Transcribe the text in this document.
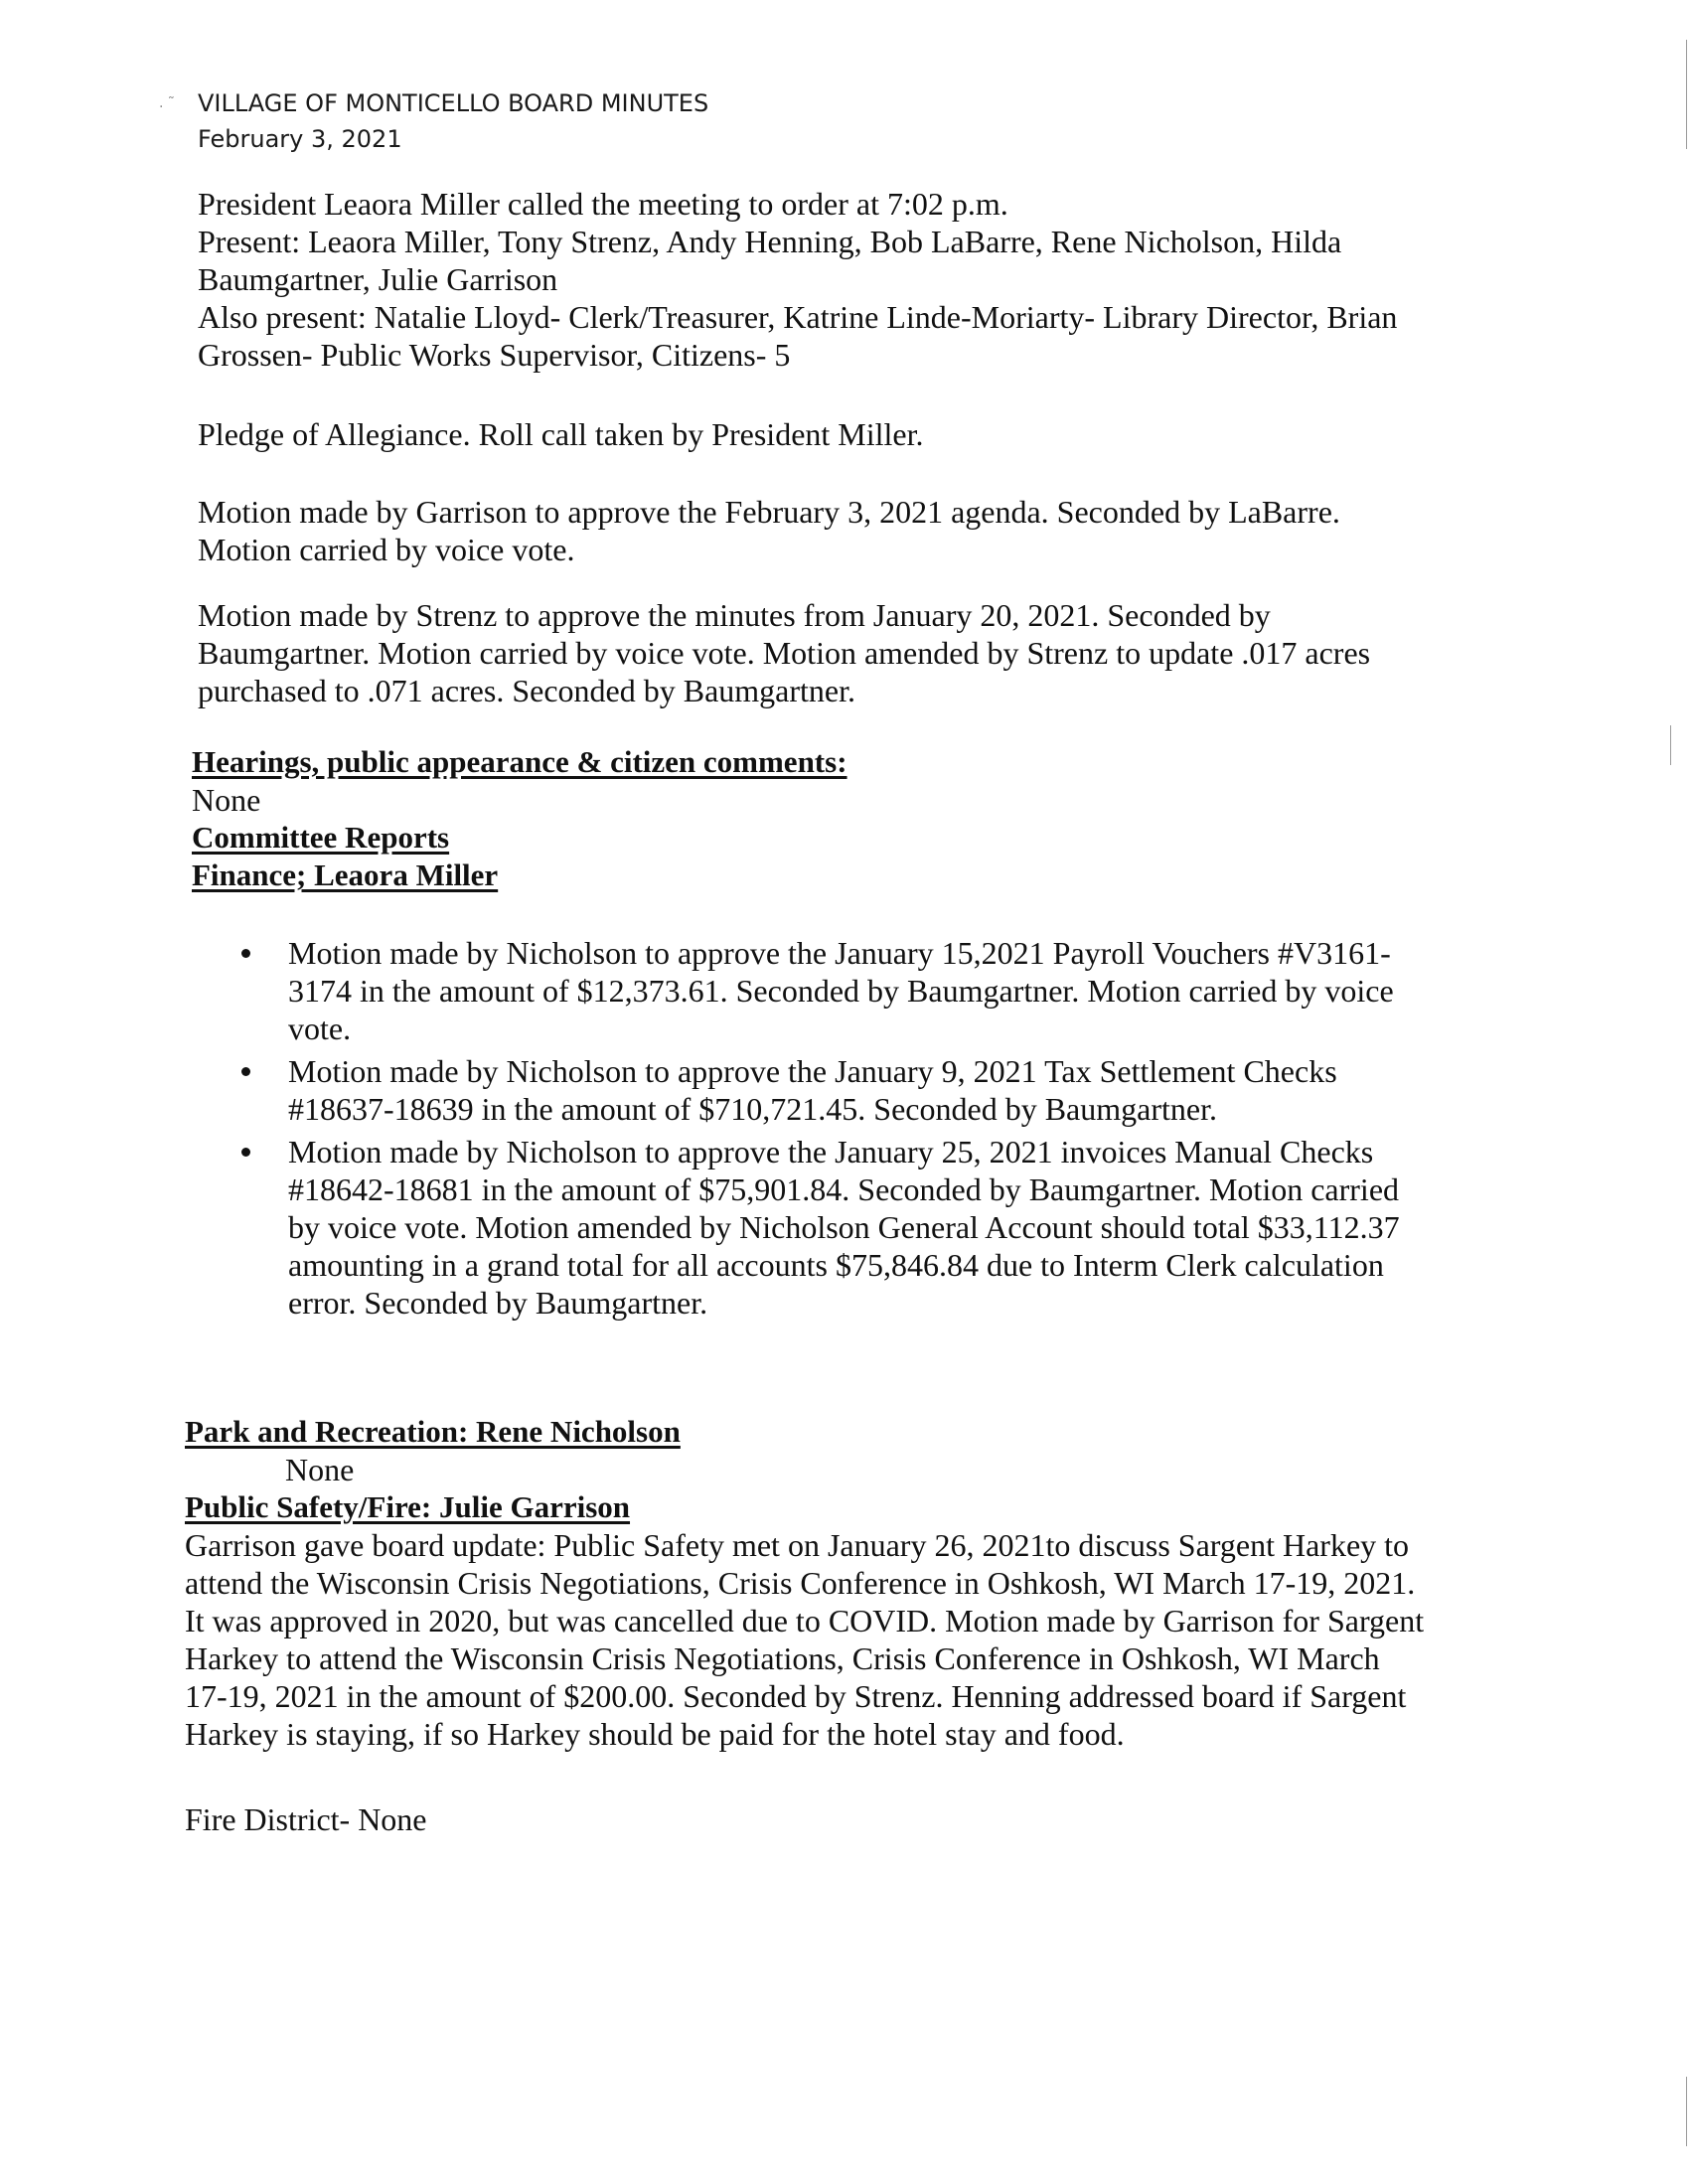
. ˜ VILLAGE OF MONTICELLO BOARD MINUTES
February 3, 2021
President Leaora Miller called the meeting to order at 7:02 p.m.
Present: Leaora Miller, Tony Strenz, Andy Henning, Bob LaBarre, Rene Nicholson, Hilda
Baumgartner, Julie Garrison
Also present: Natalie Lloyd- Clerk/Treasurer, Katrine Linde-Moriarty- Library Director, Brian
Grossen- Public Works Supervisor, Citizens- 5
Pledge of Allegiance. Roll call taken by President Miller.
Motion made by Garrison to approve the February 3, 2021 agenda. Seconded by LaBarre.
Motion carried by voice vote.
Motion made by Strenz to approve the minutes from January 20, 2021. Seconded by
Baumgartner. Motion carried by voice vote. Motion amended by Strenz to update .017 acres
purchased to .071 acres. Seconded by Baumgartner.
Hearings, public appearance & citizen comments:
None
Committee Reports
Finance; Leaora Miller
Motion made by Nicholson to approve the January 15,2021 Payroll Vouchers #V3161-
3174 in the amount of $12,373.61. Seconded by Baumgartner. Motion carried by voice
vote.
Motion made by Nicholson to approve the January 9, 2021 Tax Settlement Checks
#18637-18639 in the amount of $710,721.45. Seconded by Baumgartner.
Motion made by Nicholson to approve the January 25, 2021 invoices Manual Checks
#18642-18681 in the amount of $75,901.84. Seconded by Baumgartner. Motion carried
by voice vote. Motion amended by Nicholson General Account should total $33,112.37
amounting in a grand total for all accounts $75,846.84 due to Interm Clerk calculation
error. Seconded by Baumgartner.
Park and Recreation: Rene Nicholson
None
Public Safety/Fire: Julie Garrison
Garrison gave board update: Public Safety met on January 26, 2021to discuss Sargent Harkey to
attend the Wisconsin Crisis Negotiations, Crisis Conference in Oshkosh, WI March 17-19, 2021.
It was approved in 2020, but was cancelled due to COVID. Motion made by Garrison for Sargent
Harkey to attend the Wisconsin Crisis Negotiations, Crisis Conference in Oshkosh, WI March
17-19, 2021 in the amount of $200.00. Seconded by Strenz. Henning addressed board if Sargent
Harkey is staying, if so Harkey should be paid for the hotel stay and food.
Fire District- None
